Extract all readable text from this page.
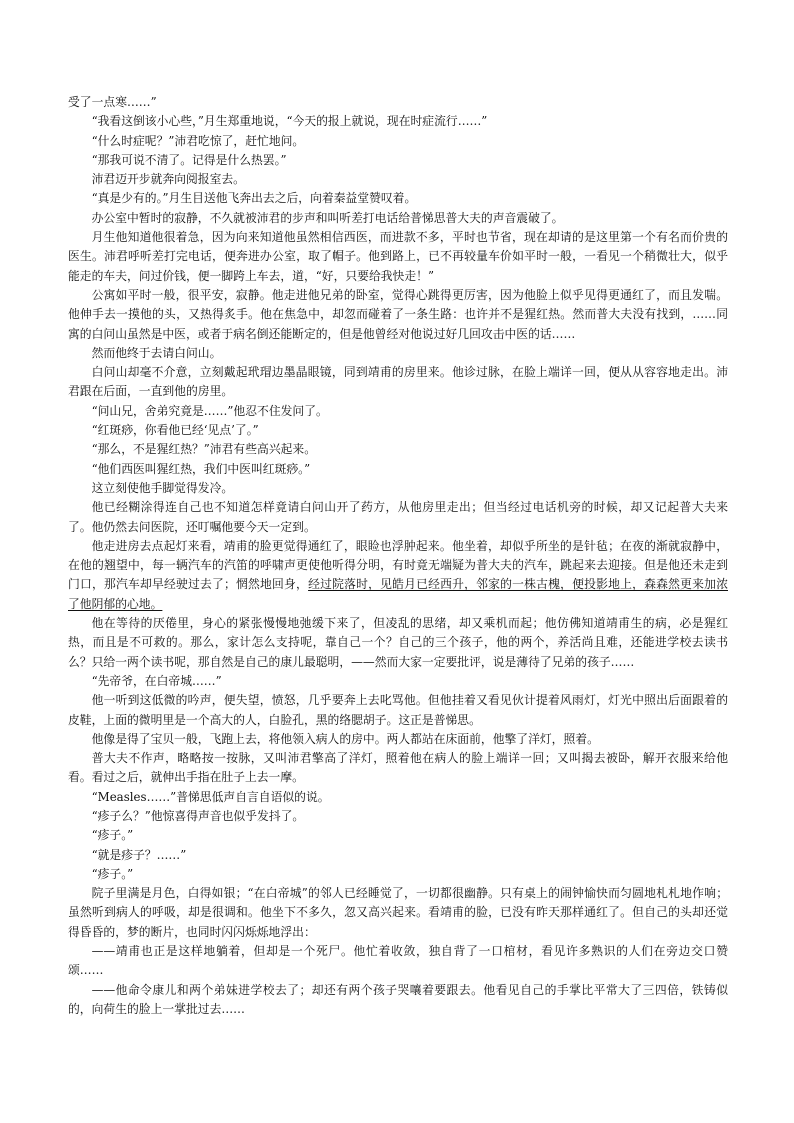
受了一点寒……”

“我看这倒该小心些，”月生郑重地说，“今天的报上就说，现在时症流行……”

“什么时症呢？”沛君吃惊了，赶忙地问。

“那我可说不清了。记得是什么热罢。”

沛君迈开步就奔向阅报室去。

“真是少有的。”月生目送他飞奔出去之后，向着秦益堂赞叹着。

办公室中暂时的寂静，不久就被沛君的步声和叫听差打电话给普悌思普大夫的声音震破了。

月生他知道他很着急，因为向来知道他虽然相信西医，而进款不多，平时也节省，现在却请的是这里第一个有名而价贵的医生。沛君呼听差打完电话，便奔进办公室，取了帽子。他到路上，已不再较量车价如平时一般，一看见一个稍微壮大，似乎能走的车夫，问过价钱，便一脚跨上车去，道，“好，只要给我快走！”

公寓如平时一般，很平安，寂静。他走进他兄弟的卧室，觉得心跳得更厉害，因为他脸上似乎见得更通红了，而且发喘。他伸手去一摸他的头，又热得炙手。他在焦急中，却忽而碰着了一条生路：也许并不是猩红热。然而普大夫没有找到，……同寓的白问山虽然是中医，或者于病名倒还能断定的，但是他曾经对他说过好几回攻击中医的话……

然而他终于去请白问山。

白问山却毫不介意，立刻戴起玳瑁边墨晶眼镜，同到靖甫的房里来。他诊过脉，在脸上端详一回，便从从容容地走出。沛君跟在后面，一直到他的房里。

“问山兄，舍弟究竟是……”他忍不住发问了。

“红斑痧，你看他已经‘见点’了。”

“那么，不是猩红热？”沛君有些高兴起来。

“他们西医叫猩红热，我们中医叫红斑痧。”

这立刻使他手脚觉得发冷。

他已经糊涂得连自己也不知道怎样竟请白问山开了药方，从他房里走出；但当经过电话机旁的时候，却又记起普大夫来了。他仍然去问医院，还叮嘱他要今天一定到。

他走进房去点起灯来看，靖甫的脸更觉得通红了，眼睑也浮肿起来。他坐着，却似乎所坐的是针毡；在夜的渐就寂静中，在他的翘望中，每一辆汽车的汽笛的呼啸声更使他听得分明，有时竟无端疑为普大夫的汽车，跳起来去迎接。但是他还未走到门口，那汽车却早经驶过去了；惘然地回身，经过院落时，见皓月已经西升，邻家的一株古槐，便投影地上，森森然更来加浓了他阴郁的心地。

他在等待的厌倦里，身心的紧张慢慢地弛缓下来了，但凌乱的思绪，却又乘机而起；他仿佛知道靖甫生的病，必是猩红热，而且是不可救的。那么，家计怎么支持呢，靠自己一个？自己的三个孩子，他的两个，养活尚且难，还能进学校去读书么？只给一两个读书呢，那自然是自己的康儿最聪明，——然而大家一定要批评，说是薄待了兄弟的孩子……

“先帝爷，在白帝城……”

他一听到这低微的吟声，便失望，愤怒，几乎要奔上去叱骂他。但他挂着又看见伙计提着风雨灯，灯光中照出后面跟着的皮鞋，上面的微明里是一个高大的人，白脸孔，黑的络腮胡子。这正是普悌思。

他像是得了宝贝一般，飞跑上去，将他领入病人的房中。两人都站在床面前，他擎了洋灯，照着。

普大夫不作声，略略按一按脉，又叫沛君擎高了洋灯，照着他在病人的脸上端详一回；又叫揭去被卧，解开衣服来给他看。看过之后，就伸出手指在肚子上去一摩。

“Measles……”普悌思低声自言自语似的说。

“疹子么？”他惊喜得声音也似乎发抖了。

“疹子。”

“就是疹子？……”

“疹子。”

院子里满是月色，白得如银；“在白帝城”的邻人已经睡觉了，一切都很幽静。只有桌上的闹钟愉快而匀圆地札札地作响；虽然听到病人的呼吸，却是很调和。他坐下不多久，忽又高兴起来。看靖甫的脸，已没有昨天那样通红了。但自己的头却还觉得昏昏的，梦的断片，也同时闪闪烁烁地浮出：

——靖甫也正是这样地躺着，但却是一个死尸。他忙着收敛，独自背了一口棺材，看见许多熟识的人们在旁边交口赞颂……

——他命令康儿和两个弟妹进学校去了；却还有两个孩子哭嚷着要跟去。他看见自己的手掌比平常大了三四倍，铁铸似的，向荷生的脸上一掌批过去……
